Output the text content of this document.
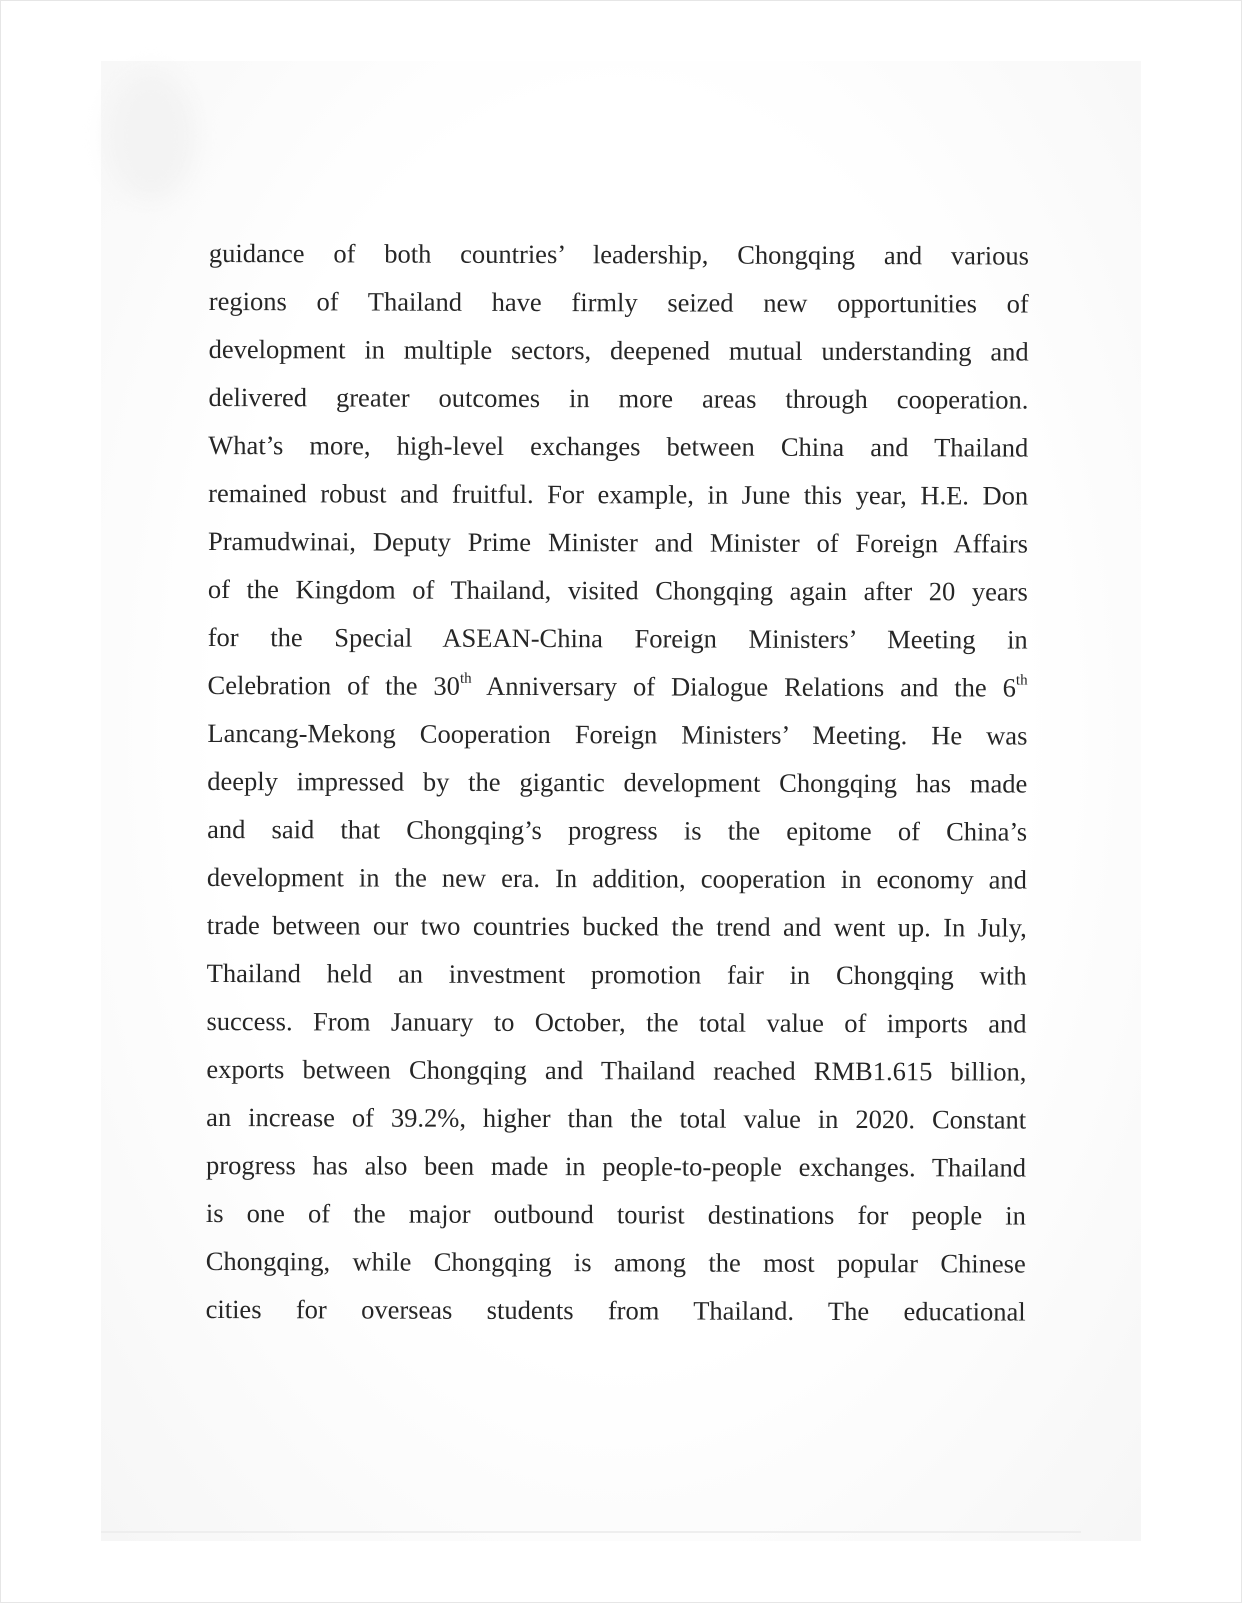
guidance of both countries’ leadership, Chongqing and various
regions of Thailand have firmly seized new opportunities of
development in multiple sectors, deepened mutual understanding and
delivered greater outcomes in more areas through cooperation.
What’s more, high-level exchanges between China and Thailand
remained robust and fruitful. For example, in June this year, H.E. Don
Pramudwinai, Deputy Prime Minister and Minister of Foreign Affairs
of the Kingdom of Thailand, visited Chongqing again after 20 years
for the Special ASEAN-China Foreign Ministers’ Meeting in
Celebration of the 30th Anniversary of Dialogue Relations and the 6th
Lancang-Mekong Cooperation Foreign Ministers’ Meeting. He was
deeply impressed by the gigantic development Chongqing has made
and said that Chongqing’s progress is the epitome of China’s
development in the new era. In addition, cooperation in economy and
trade between our two countries bucked the trend and went up. In July,
Thailand held an investment promotion fair in Chongqing with
success. From January to October, the total value of imports and
exports between Chongqing and Thailand reached RMB1.615 billion,
an increase of 39.2%, higher than the total value in 2020. Constant
progress has also been made in people-to-people exchanges. Thailand
is one of the major outbound tourist destinations for people in
Chongqing, while Chongqing is among the most popular Chinese
cities for overseas students from Thailand. The educational
